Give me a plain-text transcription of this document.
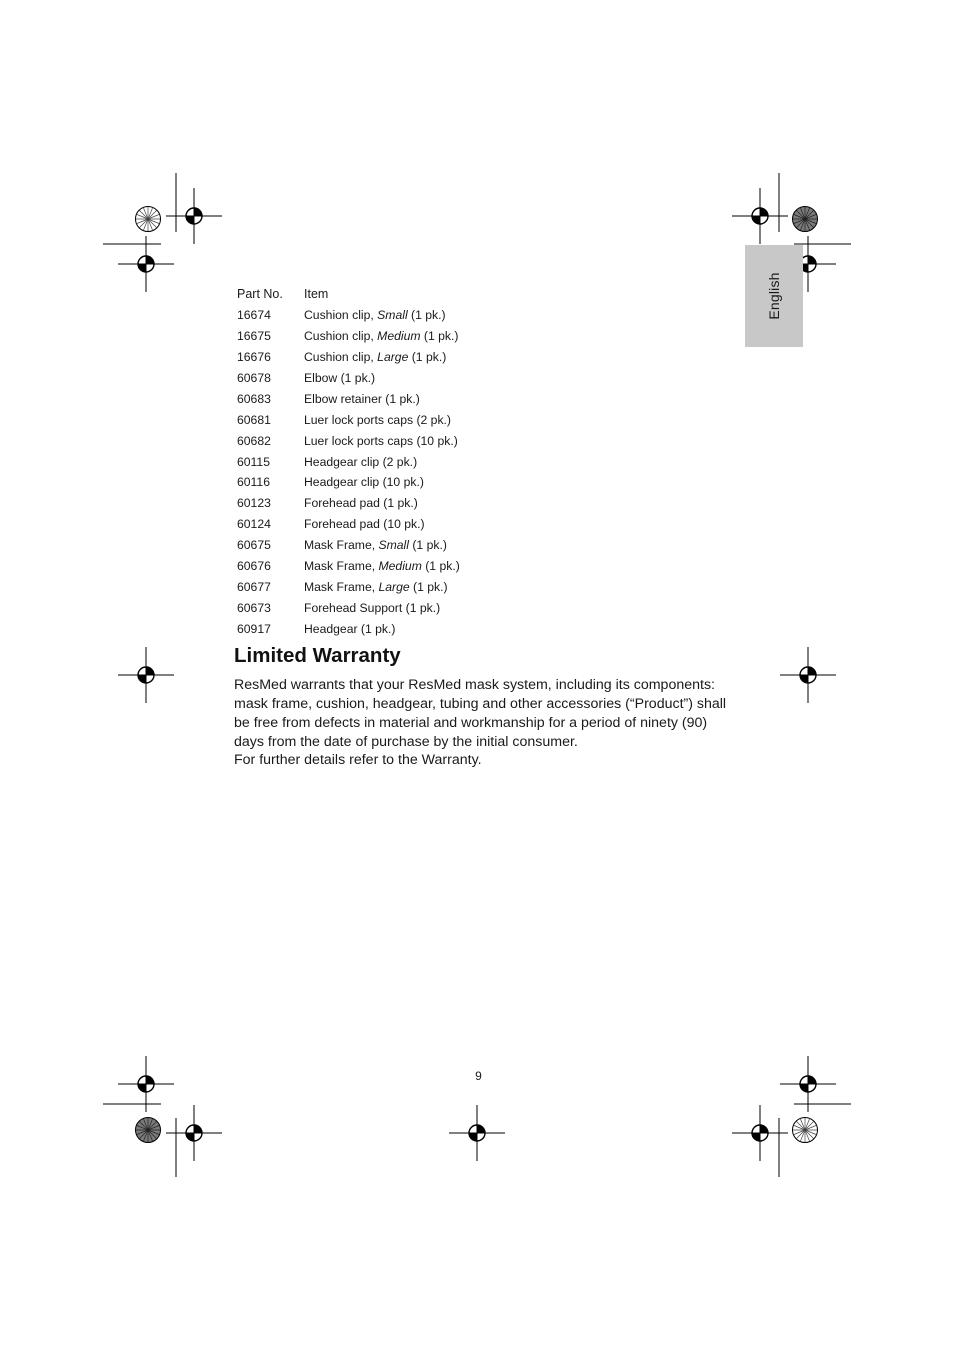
English
Part No.	Item
16674	Cushion clip, Small (1 pk.)
16675	Cushion clip, Medium (1 pk.)
16676	Cushion clip, Large (1 pk.)
60678	Elbow (1 pk.)
60683	Elbow retainer (1 pk.)
60681	Luer lock ports caps (2 pk.)
60682	Luer lock ports caps (10 pk.)
60115	Headgear clip (2 pk.)
60116	Headgear clip (10 pk.)
60123	Forehead pad (1 pk.)
60124	Forehead pad (10 pk.)
60675	Mask Frame, Small (1 pk.)
60676	Mask Frame, Medium (1 pk.)
60677	Mask Frame, Large (1 pk.)
60673	Forehead Support (1 pk.)
60917	Headgear (1 pk.)
Limited Warranty

ResMed warrants that your ResMed mask system, including its components: mask frame, cushion, headgear, tubing and other accessories (“Product”) shall be free from defects in material and workmanship for a period of ninety (90) days from the date of purchase by the initial consumer.

For further details refer to the Warranty.

9
